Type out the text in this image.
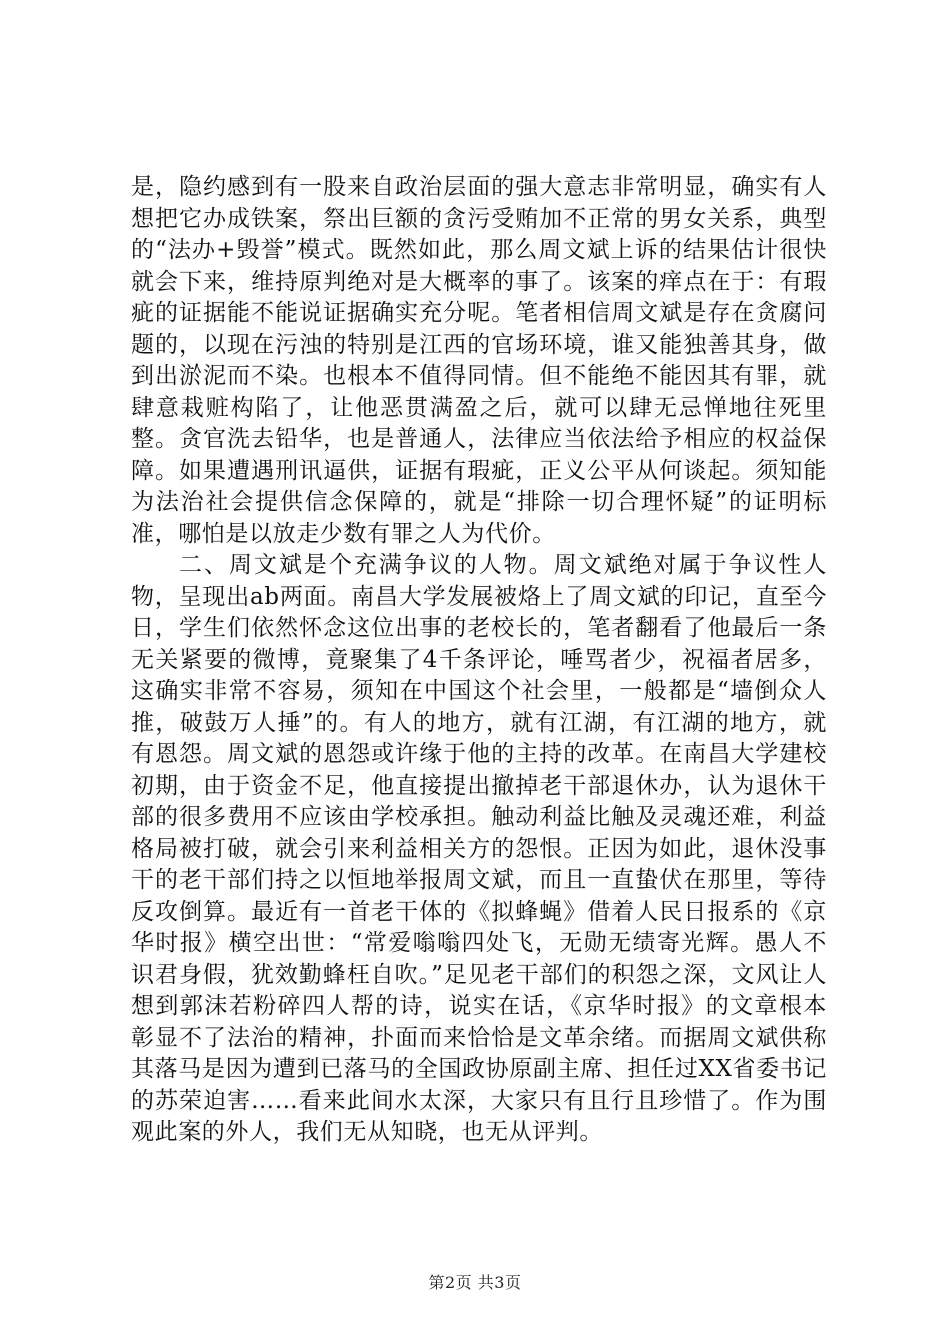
是，隐约感到有一股来自政治层面的强大意志非常明显，确实有人想把它办成铁案，祭出巨额的贪污受贿加不正常的男女关系，典型的“法办+毁誉”模式。既然如此，那么周文斌上诉的结果估计很快就会下来，维持原判绝对是大概率的事了。该案的痒点在于：有瑕疵的证据能不能说证据确实充分呢。笔者相信周文斌是存在贪腐问题的，以现在污浊的特别是江西的官场环境，谁又能独善其身，做到出淤泥而不染。也根本不值得同情。但不能绝不能因其有罪，就肆意栽赃构陷了，让他恶贯满盈之后，就可以肆无忌惮地往死里整。贪官洗去铅华，也是普通人，法律应当依法给予相应的权益保障。如果遭遇刑讯逼供，证据有瑕疵，正义公平从何谈起。须知能为法治社会提供信念保障的，就是“排除一切合理怀疑”的证明标准，哪怕是以放走少数有罪之人为代价。

二、周文斌是个充满争议的人物。周文斌绝对属于争议性人物，呈现出ab两面。南昌大学发展被烙上了周文斌的印记，直至今日，学生们依然怀念这位出事的老校长的，笔者翻看了他最后一条无关紧要的微博，竟聚集了4千条评论，唾骂者少，祝福者居多，这确实非常不容易，须知在中国这个社会里，一般都是“墙倒众人推，破鼓万人捶”的。有人的地方，就有江湖，有江湖的地方，就有恩怨。周文斌的恩怨或许缘于他的主持的改革。在南昌大学建校初期，由于资金不足，他直接提出撤掉老干部退休办，认为退休干部的很多费用不应该由学校承担。触动利益比触及灵魂还难，利益格局被打破，就会引来利益相关方的怨恨。正因为如此，退休没事干的老干部们持之以恒地举报周文斌，而且一直蛰伏在那里，等待反攻倒算。最近有一首老干体的《拟蜂蝇》借着人民日报系的《京华时报》横空出世：“常爱嗡嗡四处飞，无勋无绩寄光辉。愚人不识君身假，犹效勤蜂枉自吹。”足见老干部们的积怨之深，文风让人想到郭沫若粉碎四人帮的诗，说实在话，《京华时报》的文章根本彰显不了法治的精神，扑面而来恰恰是文革余绪。而据周文斌供称其落马是因为遭到已落马的全国政协原副主席、担任过XX省委书记的苏荣迫害……看来此间水太深，大家只有且行且珍惜了。作为围观此案的外人，我们无从知晓，也无从评判。

第2页 共3页
